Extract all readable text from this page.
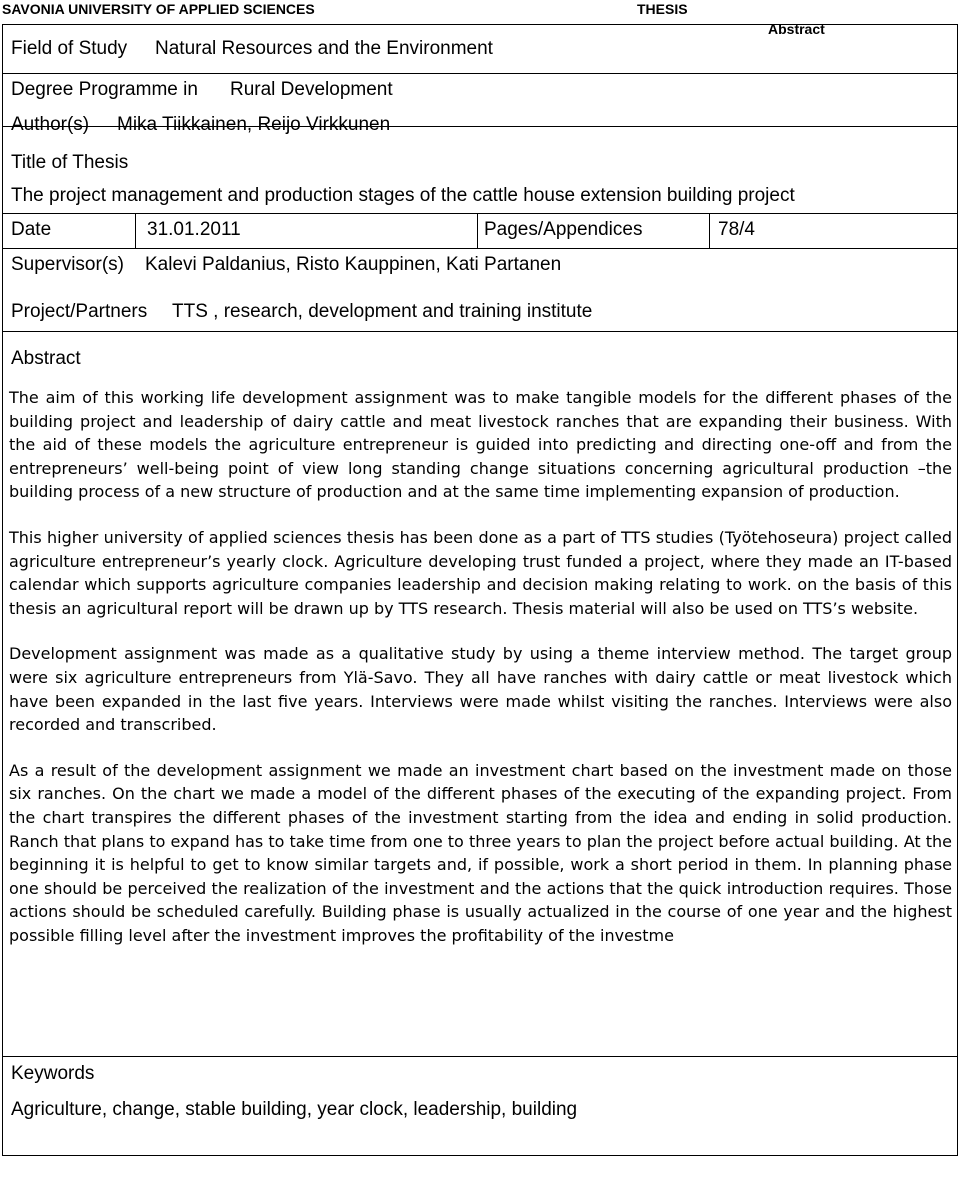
SAVONIA UNIVERSITY OF APPLIED SCIENCES	THESIS
Abstract
Field of Study Natural Resources and the Environment
Degree Programme in Rural Development
Author(s) Mika Tiikkainen, Reijo Virkkunen
Title of Thesis
The project management and production stages of the cattle house extension building project
Date	31.01.2011	Pages/Appendices	78/4
Supervisor(s) Kalevi Paldanius, Risto Kauppinen, Kati Partanen
Project/Partners TTS , research, development and training institute
Abstract

The aim of this working life development assignment was to make tangible models for the different phases of the building project and leadership of dairy cattle and meat livestock ranches that are expanding their business. With the aid of these models the agriculture entrepreneur is guided into predicting and directing one-off and from the entrepreneurs’ well-being point of view long standing change situations concerning agricultural production –the building process of a new structure of production and at the same time implementing expansion of production.

This higher university of applied sciences thesis has been done as a part of TTS studies (Työtehoseura) project called agriculture entrepreneur’s yearly clock. Agriculture developing trust funded a project, where they made an IT-based calendar which supports agriculture companies leadership and decision making relating to work. on the basis of this thesis an agricultural report will be drawn up by TTS research. Thesis material will also be used on TTS’s website.

Development assignment was made as a qualitative study by using a theme interview method. The target group were six agriculture entrepreneurs from Ylä-Savo. They all have ranches with dairy cattle or meat livestock which have been expanded in the last five years. Interviews were made whilst visiting the ranches. Interviews were also recorded and transcribed.

As a result of the development assignment we made an investment chart based on the investment made on those six ranches. On the chart we made a model of the different phases of the executing of the expanding project. From the chart transpires the different phases of the investment starting from the idea and ending in solid production. Ranch that plans to expand has to take time from one to three years to plan the project before actual building. At the beginning it is helpful to get to know similar targets and, if possible, work a short period in them. In planning phase one should be perceived the realization of the investment and the actions that the quick introduction requires. Those actions should be scheduled carefully. Building phase is usually actualized in the course of one year and the highest possible filling level after the investment improves the profitability of the investme

Keywords
Agriculture, change, stable building, year clock, leadership, building
